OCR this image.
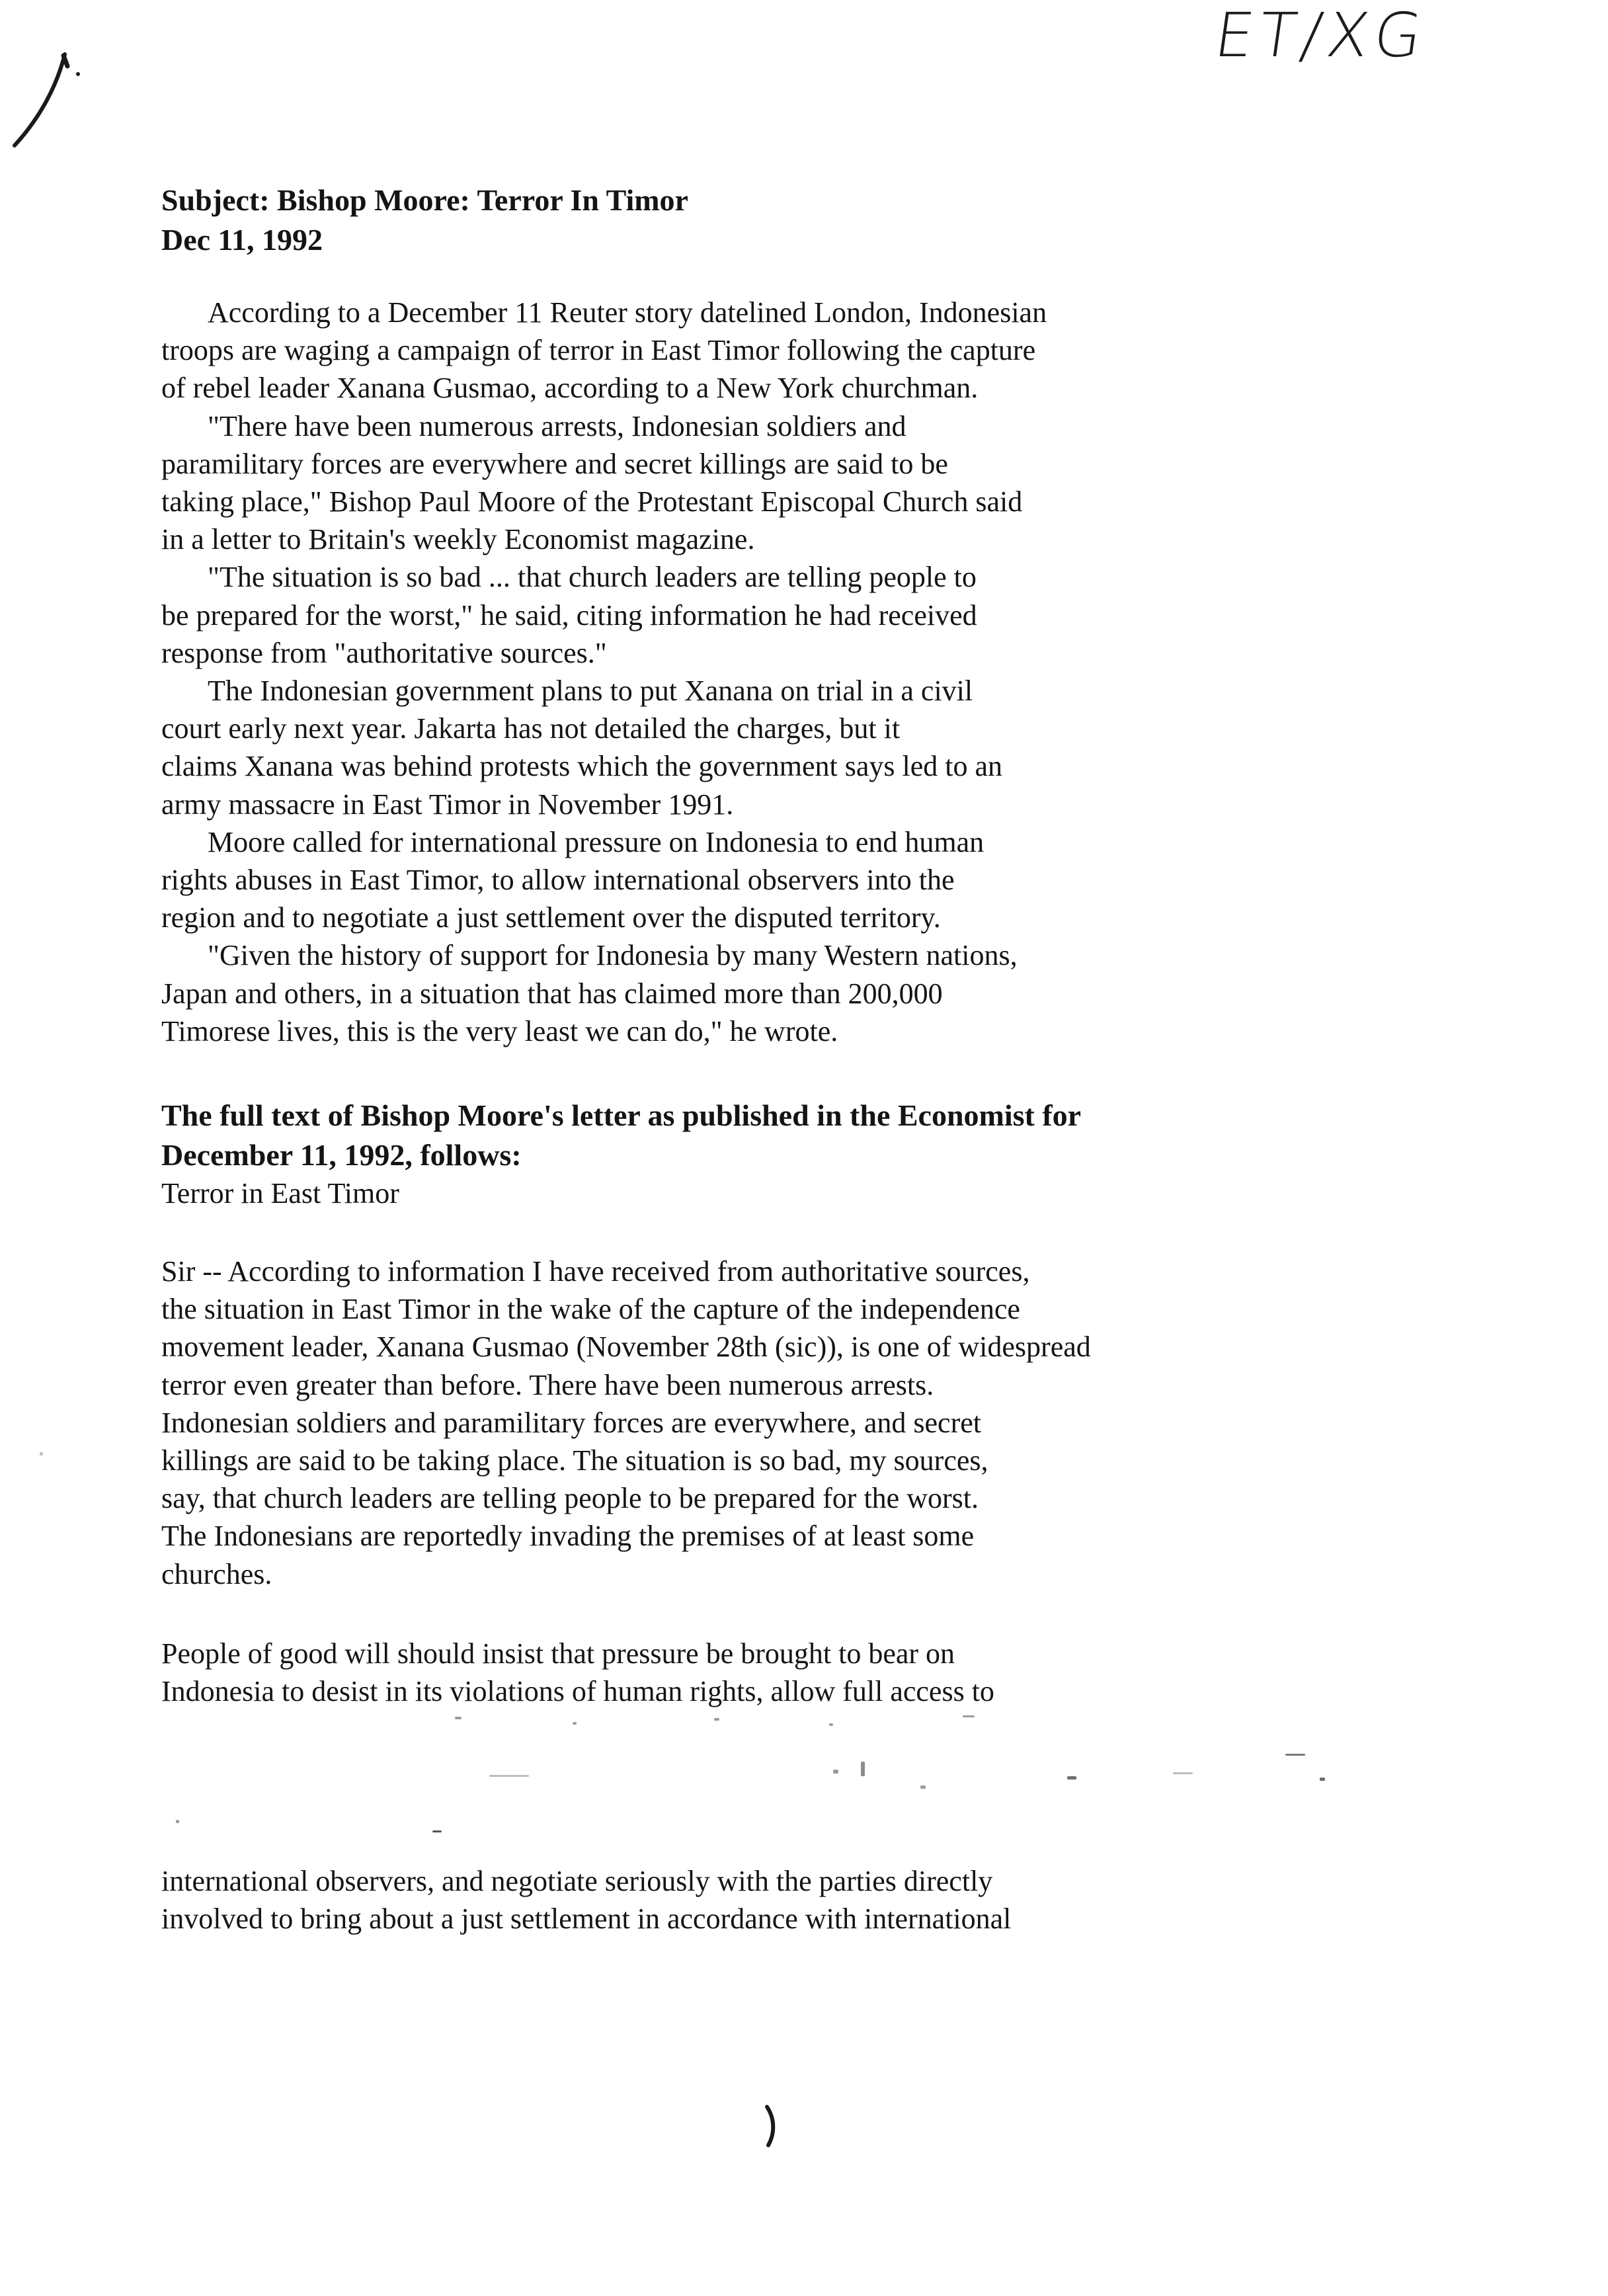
ET/XG
Subject: Bishop Moore: Terror In Timor
Dec 11, 1992
According to a December 11 Reuter story datelined London, Indonesian
troops are waging a campaign of terror in East Timor following the capture
of rebel leader Xanana Gusmao, according to a New York churchman.
"There have been numerous arrests, Indonesian soldiers and
paramilitary forces are everywhere and secret killings are said to be
taking place," Bishop Paul Moore of the Protestant Episcopal Church said
in a letter to Britain's weekly Economist magazine.
"The situation is so bad ... that church leaders are telling people to
be prepared for the worst," he said, citing information he had received
response from "authoritative sources."
The Indonesian government plans to put Xanana on trial in a civil
court early next year. Jakarta has not detailed the charges, but it
claims Xanana was behind protests which the government says led to an
army massacre in East Timor in November 1991.
Moore called for international pressure on Indonesia to end human
rights abuses in East Timor, to allow international observers into the
region and to negotiate a just settlement over the disputed territory.
"Given the history of support for Indonesia by many Western nations,
Japan and others, in a situation that has claimed more than 200,000
Timorese lives, this is the very least we can do," he wrote.
The full text of Bishop Moore's letter as published in the Economist for
December 11, 1992, follows:
Terror in East Timor
Sir -- According to information I have received from authoritative sources,
the situation in East Timor in the wake of the capture of the independence
movement leader, Xanana Gusmao (November 28th (sic)), is one of widespread
terror even greater than before. There have been numerous arrests.
Indonesian soldiers and paramilitary forces are everywhere, and secret
killings are said to be taking place. The situation is so bad, my sources,
say, that church leaders are telling people to be prepared for the worst.
The Indonesians are reportedly invading the premises of at least some
churches.
People of good will should insist that pressure be brought to bear on
Indonesia to desist in its violations of human rights, allow full access to
international observers, and negotiate seriously with the parties directly
involved to bring about a just settlement in accordance with international
